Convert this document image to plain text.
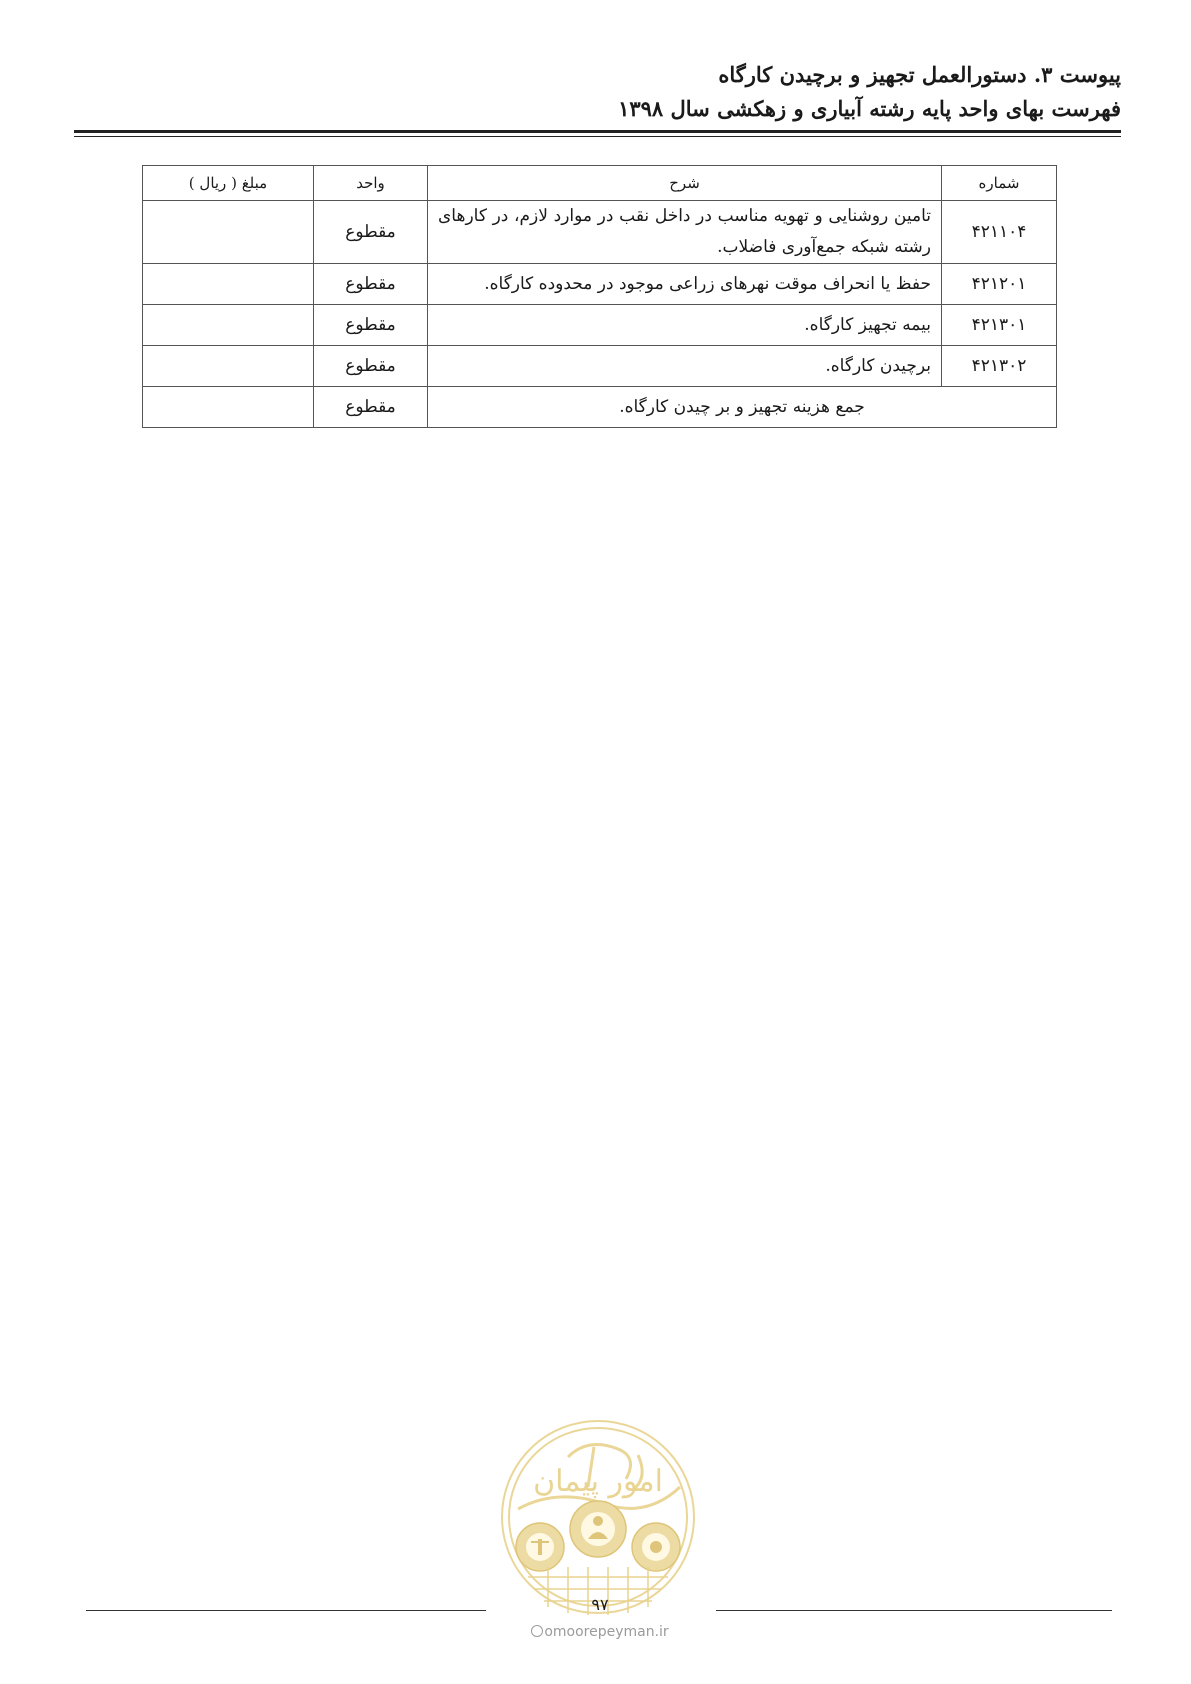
پیوست ۳. دستورالعمل تجهیز و برچیدن کارگاه
فهرست بهای واحد پایه رشته آبیاری و زهکشی سال ۱۳۹۸
شماره	شرح	واحد	مبلغ ( ریال )
۴۲۱۱۰۴	تامین روشنایی و تهویه مناسب در داخل نقب در موارد لازم، در کارهای رشته شبکه جمع‌آوری فاضلاب.	مقطوع	
۴۲۱۲۰۱	حفظ یا انحراف موقت نهرهای زراعی موجود در محدوده کارگاه.	مقطوع	
۴۲۱۳۰۱	بیمه تجهیز کارگاه.	مقطوع	
۴۲۱۳۰۲	برچیدن کارگاه.	مقطوع	
جمع هزینه تجهیز و بر چیدن کارگاه.		مقطوع	
امور پیمان
۹۷
omoorepeyman.ir
